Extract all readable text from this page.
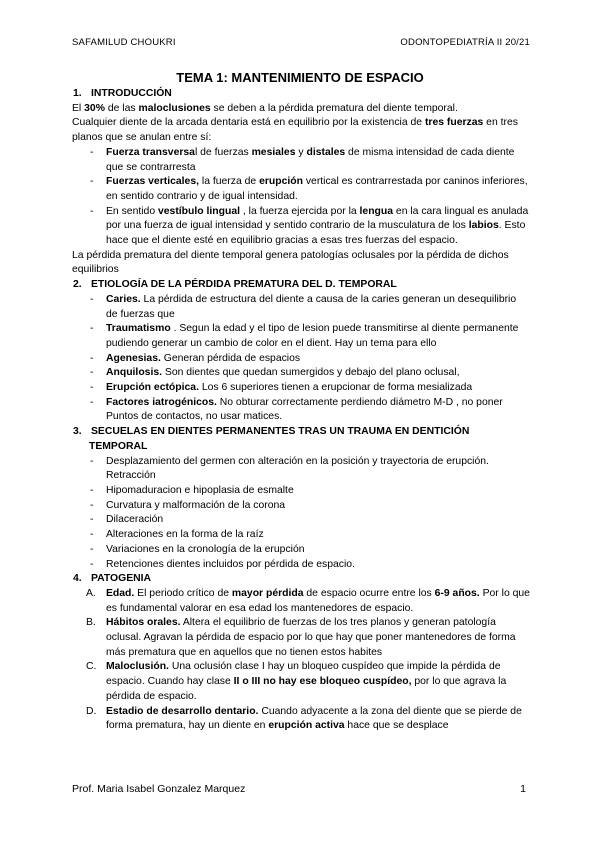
SAFAMILUD CHOUKRI	ODONTOPEDIATRÍA II 20/21
TEMA 1: MANTENIMIENTO DE ESPACIO
1. INTRODUCCIÓN

El 30% de las maloclusiones se deben a la pérdida prematura del diente temporal.

Cualquier diente de la arcada dentaria está en equilibrio por la existencia de tres fuerzas en tres planos que se anulan entre sí:

- Fuerza transversal de fuerzas mesiales y distales de misma intensidad de cada diente que se contrarresta
- Fuerzas verticales, la fuerza de erupción vertical es contrarrestada por caninos inferiores, en sentido contrario y de igual intensidad.
- En sentido vestíbulo lingual , la fuerza ejercida por la lengua en la cara lingual es anulada por una fuerza de igual intensidad y sentido contrario de la musculatura de los labios. Esto hace que el diente esté en equilibrio gracias a esas tres fuerzas del espacio.

La pérdida prematura del diente temporal genera patologías oclusales por la pérdida de dichos equilibrios

2. ETIOLOGÍA DE LA PÉRDIDA PREMATURA DEL D. TEMPORAL
- Caries. La pérdida de estructura del diente a causa de la caries generan un desequilibrio de fuerzas que
- Traumatismo . Segun la edad y el tipo de lesion puede transmitirse al diente permanente pudiendo generar un cambio de color en el dient. Hay un tema para ello
- Agenesias. Generan pérdida de espacios
- Anquilosis. Son dientes que quedan sumergidos y debajo del plano oclusal,
- Erupción ectópica. Los 6 superiores tienen a erupcionar de forma mesializada
- Factores iatrogénicos. No obturar correctamente perdiendo diámetro M-D , no poner Puntos de contactos, no usar matices.
3. SECUELAS EN DIENTES PERMANENTES TRAS UN TRAUMA EN DENTICIÓN TEMPORAL
- Desplazamiento del germen con alteración en la posición y trayectoria de erupción. Retracción
- Hipomaduracion e hipoplasia de esmalte
- Curvatura y malformación de la corona
- Dilaceración
- Alteraciones en la forma de la raíz
- Variaciones en la cronología de la erupción
- Retenciones dientes incluidos por pérdida de espacio.
4. PATOGENIA
A. Edad. El periodo crítico de mayor pérdida de espacio ocurre entre los 6-9 años. Por lo que es fundamental valorar en esa edad los mantenedores de espacio.
B. Hábitos orales. Altera el equilibrio de fuerzas de los tres planos y generan patología oclusal. Agravan la pérdida de espacio por lo que hay que poner mantenedores de forma más prematura que en aquellos que no tienen estos habites
C. Maloclusión. Una oclusión clase I hay un bloqueo cuspídeo que impide la pérdida de espacio. Cuando hay clase II o III no hay ese bloqueo cuspídeo, por lo que agrava la pérdida de espacio.
D. Estadio de desarrollo dentario. Cuando adyacente a la zona del diente que se pierde de forma prematura, hay un diente en erupción activa hace que se desplace
Prof. Maria Isabel Gonzalez Marquez	1
